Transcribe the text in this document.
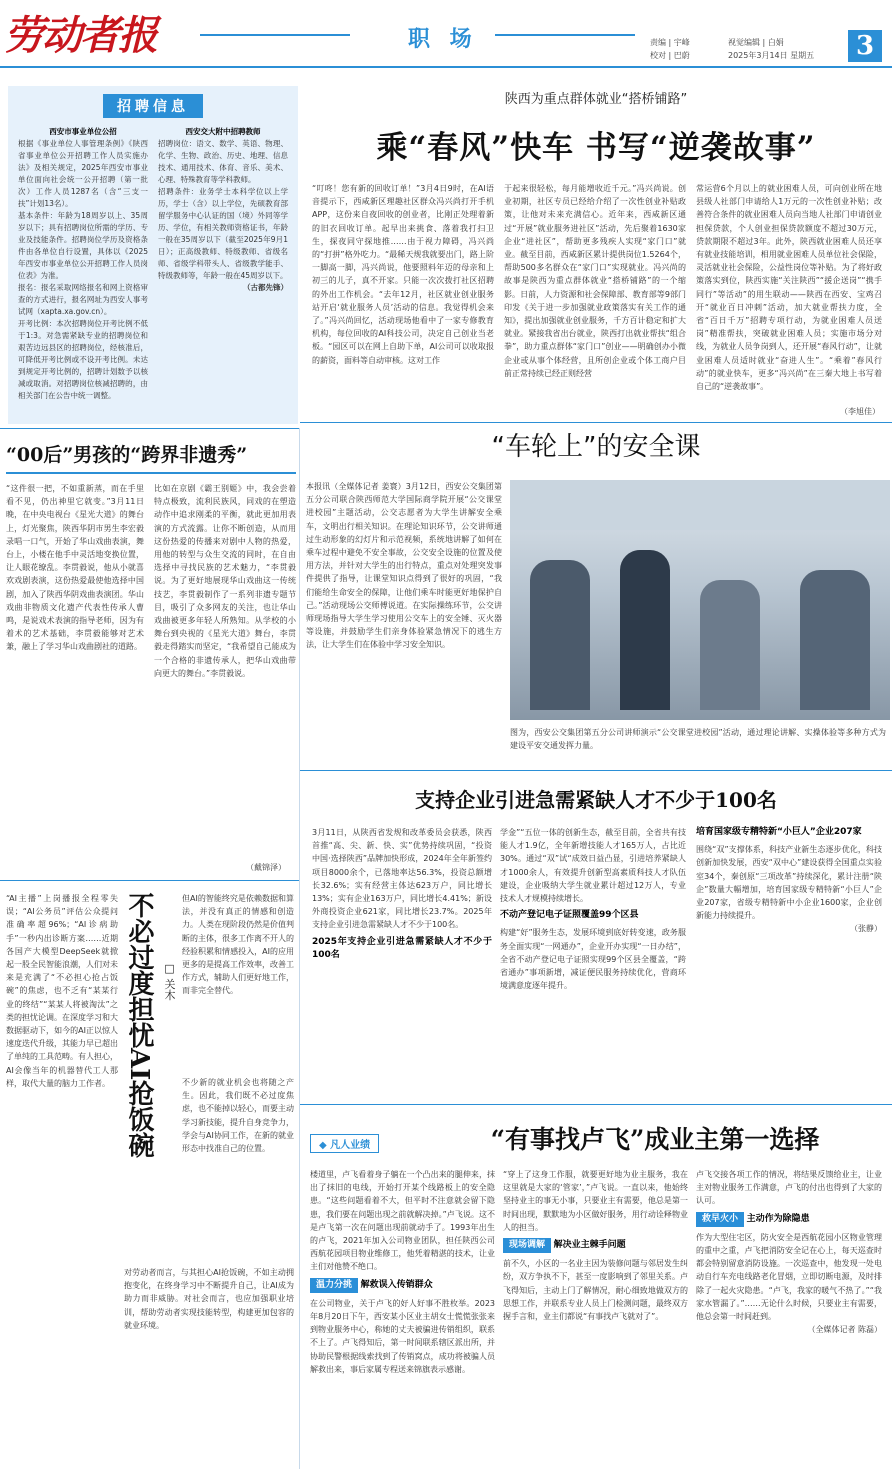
劳动者报	职 场	责编 | 宇峰
校对 | 巴蔚
视觉编辑 | 白娟
2025年3月14日 星期五	3
招聘信息
西安市事业单位公招
根据《事业单位人事管理条例》《陕西省事业单位公开招聘工作人员实施办法》及相关规定，2025年西安市事业单位面向社会统一公开招聘（第一批次）工作人员1287名（含“三支一扶”计划13名）。
基本条件：年龄为18周岁以上、35周岁以下；具有招聘岗位所需的学历、专业及技能条件。招聘岗位学历及资格条件由各单位自行设置，具体以《2025年西安市事业单位公开招聘工作人员岗位表》为准。
报名：报名采取网络报名和网上资格审查的方式进行，报名网址为西安人事考试网（xapta.xa.gov.cn）。
开考比例：本次招聘岗位开考比例不低于1:3。对急需紧缺专业的招聘岗位和艰苦边远县区的招聘岗位，经核准后，可降低开考比例或不设开考比例。未达到规定开考比例的，招聘计划数予以核减或取消。对招聘岗位核减招聘的，由相关部门在公告中统一调整。
西安交大附中招聘教师
招聘岗位：语文、数学、英语、物理、化学、生物、政治、历史、地理、信息技术、通用技术、体育、音乐、美术、心理、特殊教育等学科教师。
招聘条件：业务学士本科学位以上学历，学士（含）以上学位，先硕教育部留学服务中心认证的国（境）外同等学历、学位，有相关教师资格证书，年龄一般在35周岁以下（截至2025年9月1日）；正高级教师、特级教师、省级名师、省级学科带头人、省级教学能手、特级教师等，年龄一般在45周岁以下。
（古都先锋）
陕西为重点群体就业“搭桥铺路”
乘“春风”快车 书写“逆袭故事”
“叮咚！您有新的回收订单！”3月4日9时，在AI语音提示下，西咸新区理趣社区群众冯兴尚打开手机APP，这份来自夜回收的创业者，比刚正处理着新的旧衣回收订单。起早出来挑食、落着我打扫卫生，探夜同守探地推……由于视力障碍，冯兴尚的“打拼”格外吃力。“最稀天规我就要出门，路上阶一脚高一脚，冯兴尚说，他要照料年迈的母亲和上初三的儿子，真不开家。只能一次次拨打社区招聘的外出工作机会。“去年12月，社区就业创业服务站开启‘就业服务人员’活动的信息。我觉得机会来了。”冯兴尚回忆，活动现场他看中了一家专修教育机构，每位回收的AI科技公司，决定自己创业当老板。“园区可以在网上自助下单，AI公司可以收取报的薪资，面料等自动审核。这对工作
于起来很轻松，每月能增收近千元。”冯兴尚说。创业初期，社区专员已经给介绍了一次性创业补贴政策，让他对未来充满信心。近年来，西咸新区通过“开展”就业服务进社区”活动，先后聚着1630家企业“进社区”，帮助更多残疾人实现“家门口”就业。截至目前，西咸新区累计提供岗位1.5264个，帮助500多名群众在“家门口”实现就业。冯兴尚的故事是陕西为重点群体就业“搭桥铺路”的一个缩影。日前，人力资源和社会保障部、教育部等9部门印发《关于进一步加强就业政策落实有关工作的通知》，提出加强就业创业服务，千方百计稳定和扩大就业。紧接我省出台就业，陕西打出就业帮扶“组合拳”，助力重点群体“家门口”创业——明确创办小微企业或从事个体经营，且所创企业或个体工商户目前正常持续已经正则经营
常运营6个月以上的就业困难人员，可向创业所在地县级人社部门申请给人1万元的一次性创业补贴；改善符合条件的就业困难人员向当地人社部门申请创业担保贷款，个人创业担保贷款额度不超过30万元，贷款期限不超过3年。此外，陕西就业困难人员还享有就业技能培训，相用就业困难人员单位社会保险，灵活就业社会保险，公益性岗位等补贴。为了将好政策落实到位，陕西实施“关注陕西”“援企送岗”“携手同行”等活动”的用生联动——陕西在西安、宝鸡召开“就业百日冲刺”活动，加大就业帮扶力度，全省“百日千万”招聘专项行动，为就业困难人员送岗”精准帮扶，突破就业困难人员；实施市场分对线，为就业人员争岗到人，还开展“春风行动”，让就业困难人员适时就业“奋进人生”。“乘着”春风行动”的就业快车，更多“冯兴尚”在三秦大地上书写着自己的“逆袭故事”。
（李旭佳）
“00后”男孩的“跨界非遗秀”
“这件很一把，不如重新蒸，而在手里看不见，仍出神里它就变。”3月11日晚，在中央电视台《星光大道》的舞台上，灯光聚焦，陕西华阴市男生李宏毅录唱一口气，开始了华山戏曲表演，舞台上，小楼在他手中灵活地变换位置，让人眼花缭乱。李贯毅说，他从小就喜欢戏剧表演，这份热爱最使他选择中国剧，加入了陕西华阴戏曲表演团。华山戏曲非物质文化遗产代表性传承人曹鸣，是说戏术表演的指导老师，因为有着术的艺术基础，李贯毅能够对艺术兼，融上了学习华山戏曲剧社的道路。
比如在京剧《霸王别姬》中，我会尝着特点极致，流利民族风，同戏的在塑造动作中追求刚柔的平衡，就此更加用表演的方式流露。让你不断创造，从而用这份热爱的传播来对剧中人物的热爱，用他的转型与众生交流的同时，在自由选择中寻找民族的艺术魅力，“李贯毅说。为了更好地展现华山戏曲这一传统技艺，李贯毅制作了一系列非遗专题节目，吸引了众多网友的关注，也让华山戏曲被更多年轻人所熟知。从学校的小舞台到央视的《星光大道》舞台，李贯毅走得踏实而坚定，“我希望自己能成为一个合格的非遗传承人，把华山戏曲带向更大的舞台。”李贯毅说。
（戴锦泽）
“车轮上”的安全课
本报讯（全媒体记者 姜寰）3月12日，西安公交集团第五分公司联合陕西师范大学国际商学院开展“公交课堂进校园”主题活动，公交志愿者为大学生讲解安全乘车，文明出行相关知识。在理论知识环节，公交讲师通过生动形象的幻灯片和示范视频，系统地讲解了如何在乘车过程中避免不安全事故，公交安全设施的位置及使用方法，并针对大学生的出行特点，重点对处理突发事件提供了指导，让课堂知识点得到了很好的巩固，“我们能给生命安全的保障，让他们乘车时能更好地保护自己。”活动现场公交师傅说道。在实际操练环节，公交讲师现场指导大学生学习使用公交车上的安全锤、灭火器等设施，并鼓励学生们亲身体验紧急情况下的逃生方法，让大学生们在体验中学习安全知识。
图为，西安公交集团第五分公司讲师演示“公交课堂进校园”活动，通过理论讲解、实操体验等多种方式为建设平安交通发挥力量。
支持企业引进急需紧缺人才不少于100名
3月11日，从陕西省发规和改革委员会获悉，陕西首推“高、尖、新、快、实”优势持续巩固，“投资中国·选择陕西”品牌加快形成，2024年全年新签约项目8000余个，已落地率达56.3%，投资总额增长32.6%；实有经营主体达623万户，同比增长13%；实有企业163万户，同比增长4.41%；新设外商投资企业621家，同比增长23.7%。2025年支持企业引进急需紧缺人才不少于100名。
2025年支持企业引进急需紧缺人才不少于100名
学金”“五位一体的创新生态，截至目前，全省共有技能人才1.9亿，全年新增技能人才165万人，占比近30%。通过“双”试“成效日益凸显，引进培养紧缺人才1000余人，有效提升创新型高素质科技人才队伍建设，企业吸纳大学生就业累计超过12万人，专业技术人才规模持续增长。
不动产登记电子证照覆盖99个区县
构建“好”服务生态，发展环境到底好转变速，政务服务全面实现“一网通办”，企业开办实现“一日办结”，全省不动产登记电子证照实现99个区县全覆盖，“跨省通办”事项新增，减证便民服务持续优化，营商环境满意度逐年提升。
培育国家级专精特新“小巨人”企业207家
围绕“双”支撑体系，科技产业新生态逐步优化，科技创新加快发展，西安“双中心”建设获得全国重点实验室34个，秦创原“三项改革”持续深化，累计注册“陕企”数量大幅增加，培育国家级专精特新“小巨人”企业207家，省级专精特新中小企业1600家，企业创新能力持续提升。
（张静）
“AI主播”上岗播报全程零失误；“AI公务员”评估公众提问准确率超96%；“AI诊病助手”一秒内出诊断方案……近期各国产大模型DeepSeek就掀起一股全民智能浪潮，人们对未来是充满了“不必担心抢占饭碗”的焦虑，也不乏有“某某行业的终结”“某某人将被淘汰”之类的担忧论调。在深度学习和大数据驱动下，如今的AI正以惊人速度迭代升级，其能力早已超出了单纯的工具范畴。有人担心，AI会像当年的机器替代工人那样，取代大量的脑力工作者。 不必过度担忧AI抢饭碗 □ 关木
但AI的智能终究是依赖数据和算法，并没有真正的情感和创造力。人类在现阶段仍然是价值判断的主体，很多工作离不开人的经验积累和情感投入，AI的应用更多的是提高工作效率，改善工作方式，辅助人们更好地工作，而非完全替代。
不少新的就业机会也将随之产生。因此，我们既不必过度焦虑，也不能掉以轻心，而要主动学习新技能，提升自身竞争力，学会与AI协同工作，在新的就业形态中找准自己的位置。
对劳动者而言，与其担心AI抢饭碗，不如主动拥抱变化，在终身学习中不断提升自己，让AI成为助力而非威胁。对社会而言，也应加强职业培训，帮助劳动者实现技能转型，构建更加包容的就业环境。
◆ 凡人业绩	“有事找卢飞”成业主第一选择
楼道里，卢飞看着身子躺在一个凸出来的腿伸来，抹出了抹旧的电线，开始打开某个线路板上的安全隐患。“这些问题看着不大，但平时不注意就会留下隐患，我们要在问题出现之前就解决掉。”卢飞说。这不是卢飞第一次在问题出现前就动手了。1993年出生的卢飞，2021年加入公司物业团队，担任陕西公司西航花园项目物业维修工，他凭着精湛的技术，让业主们对他赞不绝口。
温力分挑 解救误入传销群众
在公司物业，关于卢飞的好人好事不胜枚举。2023年8月20日下午，西安某小区业主胡女士慌慌张张来到物业服务中心，称她的丈夫被骗进传销组织，联系不上了。卢飞得知后，第一时间联系辖区派出所，并协助民警根据线索找到了传销窝点，成功将被骗人员解救出来，事后家属专程送来锦旗表示感谢。
“穿上了这身工作服，就要更好地为业主服务，我在这里就是大家的‘管家’，”卢飞说。一直以来，他始终坚持业主的事无小事，只要业主有需要，他总是第一时间出现，默默地为小区做好服务，用行动诠释物业人的担当。
现场调解 解决业主棘手问题
前不久，小区的一名业主因为装修问题与邻居发生纠纷，双方争执不下，甚至一度影响到了邻里关系。卢飞得知后，主动上门了解情况，耐心细致地做双方的思想工作，并联系专业人员上门检测问题，最终双方握手言和，业主们都说“有事找卢飞就对了”。
卢飞交接各项工作的情况，将结果反馈给业主，让业主对物业服务工作满意，卢飞的付出也得到了大家的认可。
救早火小 主动作为除隐患
作为大型住宅区，防火安全是西航花园小区物业管理的重中之重，卢飞把消防安全记在心上，每天巡查时都会特别留意消防设施。一次巡查中，他发现一处电动自行车充电线路老化冒烟，立即切断电源，及时排除了一起火灾隐患。“卢飞，我家的暖气不热了。”“我家水管漏了。”……无论什么时候，只要业主有需要，他总会第一时间赶到。
（全媒体记者 陈磊）
